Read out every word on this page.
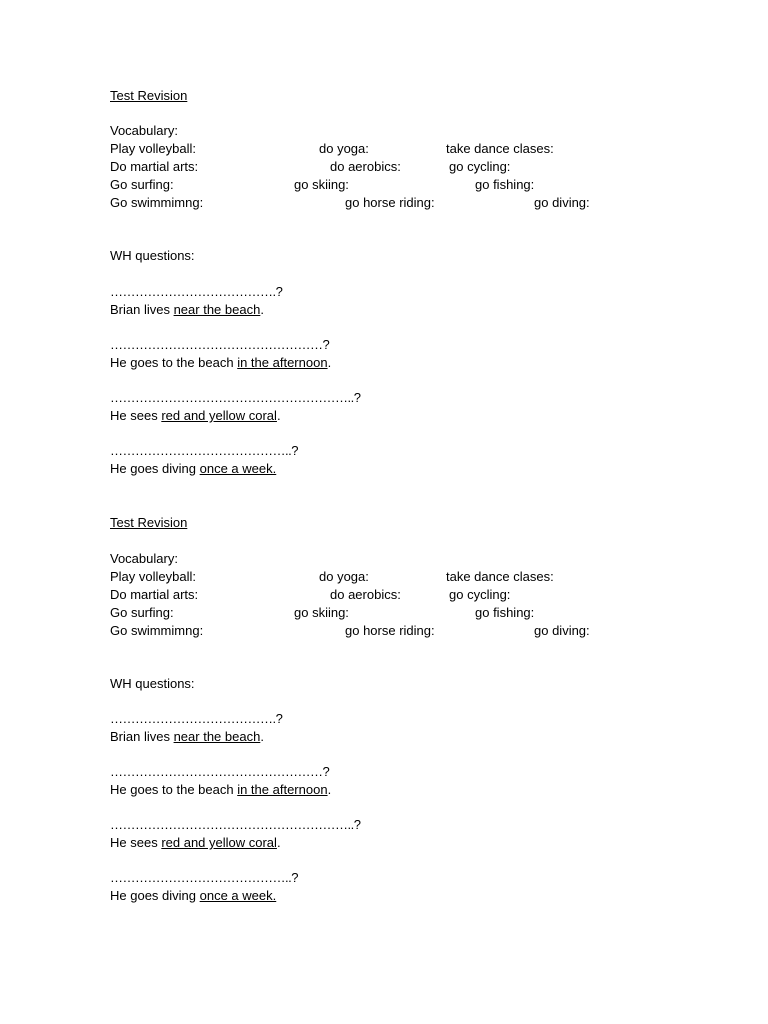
Test Revision
Vocabulary:
Play volleyball:	do yoga:	take dance clases:
Do martial arts:	do aerobics:	go cycling:
Go surfing:	go skiing:	go fishing:
Go swimmimng:	go horse riding:	go diving:
WH questions:
………………………………….?
Brian lives near the beach.
……………………………………………?
He goes to the beach in the afternoon.
…………………………………………………..?
He sees red and yellow coral.
……………………………………..?
He goes diving once a week.
Test Revision
Vocabulary:
Play volleyball:	do yoga:	take dance clases:
Do martial arts:	do aerobics:	go cycling:
Go surfing:	go skiing:	go fishing:
Go swimmimng:	go horse riding:	go diving:
WH questions:
………………………………….?
Brian lives near the beach.
……………………………………………?
He goes to the beach in the afternoon.
…………………………………………………..?
He sees red and yellow coral.
……………………………………..?
He goes diving once a week.
